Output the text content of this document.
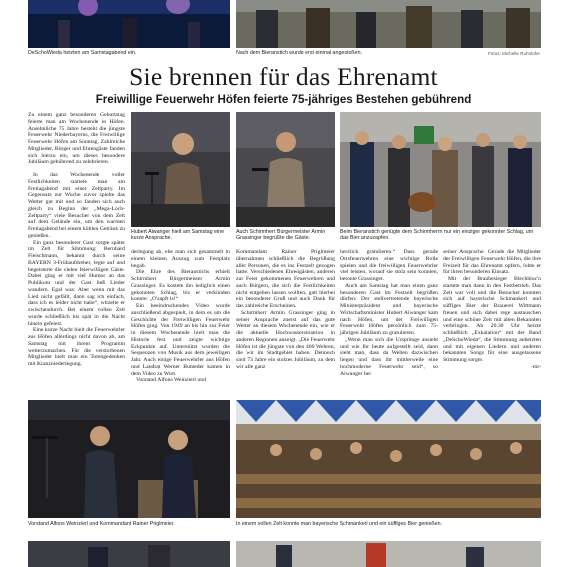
DeSchoWieda heizten am Samstagabend ein.	Nach dem Bieranstich wurde erst einmal angestoßen.	Fotos: Michelle Ruhstofer
Sie brennen für das Ehrenamt
Freiwillige Feuerwehr Höfen feierte 75-jähriges Bestehen gebührend

Zu einem ganz besonderen Geburtstag feierte man am Wochenende in Höfen. Ansehnliche 75 Jahre besteht die jüngste Feuerwehr Niederbayerns, die Freiwillige Feuerwehr Höfen am Sonntag. Zahlreiche Mitglieder, Bürger und Ehrengäste fanden sich hierzu ein, um dieses besondere Jubiläum gebührend zu zelebrieren.

In das Wochenende voller Festlichkeiten startete man am Freitagabend mit einer Zeltparty. Im Gegensatz zur Woche zuvor spielte das Wetter gut mit und so fanden sich auch gleich zu Beginn der „Mega-Loch-Zeltparty“ viele Besucher von dem Zelt auf dem Gelände ein, um den warmen Freitagabend bei einem kühlen Getränk zu genießen.

Ein ganz besonderer Gast sorgte später im Zelt für Stimmung: Bernhard Fleischmann, bekannt durch seine BAYERN 3-Frühaufdreher, legte auf und begeisterte die vielen feierwilligen Gäste. Dabei ging er mit viel Humor an das Publikum und der Gast ließ Lieder wandern. Egal was: Aber wenn mit das Lied nicht gefällt, dann sag ich einfach, dass ich es leider nicht habe“, witzelte er zwischendurch. Bei einem vollen Zelt wurde schließlich bis spät in die Nacht hinein gefeiert.

Eine kurze Nacht hielt die Feuerwehrler aus Höfen allerdings nicht davon ab, am Samstag mit ihrem Programm weiterzumachen. Für die verstorbenen Mitglieder hielt man ein Totengedenken mit Kranzniederlegung.

Hubert Aiwanger hielt am Samstag eine kurze Ansprache.
Auch Schirmherr Bürgermeister Armin Grassinger begrüßte die Gäste.
Beim Bieranstich genügte dem Schirmherrn nur ein einziger gekonnter Schlag, um das Bier anzuzapfen.

derlegung ab, ehe man sich gesammelt in einem kleinen Auszug zum Festplatz begab.

Die Ehre des Bieranstichs erhielt Schirmherr Bürgermeister Armin Grassinger. Es kostete ihn lediglich einen gekonnten Schlag, bis er verkünden konnte: „O'zapft is!“

Ein beeindruckendes Video wurde anschließend abgespielt, in dem es um die Geschichte der Freiwilligen Feuerwehr Höfen ging. Von 1949 an bis hin zur Feier in diesem Wochenende hielt man die Historie fest und zeigte wichtige Eckpunkte auf. Unterstützt wurden die Sequenzen von Musik aus dem jeweiligen Jahr. Auch einige Feuerwehrler aus Höfen und Landrat Werner Bumeder kamen in dem Video zu Wort.

Vorstand Alfons Weinzierl und

Kommandant Rainer Priglmeier übernahmen schließlich die Begrüßung aller Personen, die es ins Festzelt gezogen hatte. Verschiedenen Ehrengästen, anderen zur Feier gekommenen Feuerwehren und auch Bürgern, die sich die Festlichkeiten nicht entgehen lassen wollten, galt hierbei ein besonderer Gruß und auch Dank für das zahlreiche Erscheinen.

Schirmherr Armin Grassinger ging in seiner Ansprache zuerst auf das gute Wetter an diesem Wochenende ein, wie er die aktuelle Hochwassersituation in anderen Regionen anzeigt. „Die Feuerwehr Höfen ist die jüngste von den 400 Wehren, die wir im Stadtgebiet haben. Dennoch sind 73 Jahre ein stolzes Jubiläum, zu dem wir alle ganz

herzlich gratulieren.“ Dass gerade Ortsfeuerwehren eine wichtige Rolle spielen und die freiwilligen Feuerwehrler viel leisten, worauf sie stolz sein konnten, betonte Grassinger.

Auch am Samstag hat man einen ganz besonderen Gast im Festzelt begrüßen dürfen: Der stellvertretende bayerische Ministerpräsident und bayerische Wirtschaftsminister Hubert Aiwanger kam nach Höfen, um der Freiwilligen Feuerwehr Höfen persönlich zum 75-jährigen Jubiläum zu gratulieren.

„Wenn man sich die Ursprünge ansieht und wie Ihr heute aufgestellt seid, dann sieht man, dass da Welten dazwischen liegen und dass ihr mittlerweile eine hochmoderne Feuerwehr seid“, so Aiwanger bei

seiner Ansprache. Gerade die Mitglieder der Freiwilligen Feuerwehr Höfen, die ihre Freizeit für das Ehrenamt opfern, lobte er für ihren besonderen Einsatz.

Mit der Braubesieger Blechbloc'n startete man dann in den Festbetrieb. Das Zelt war voll und die Besucher konnten sich auf bayerische Schmankerl und süffiges Bier der Brauerei Wittmann freuen und sich dabei rege austauschen und eine schöne Zeit mit alten Bekannten verbringen. Ab 20.30 Uhr heizte schließlich „Exkalation“ mit der Band „DeSchoWieda“, die Stimmung anheizten und mit eigenen Liedern und anderen bekannten Songs für eine ausgelassene Stimmung sorgte.

-mr-
Vorstand Alfons Weinzierl und Kommandant Rainer Priglmeier.	In einem vollen Zelt konnte man bayerische Schmankerl und ein süffiges Bier genießen.
